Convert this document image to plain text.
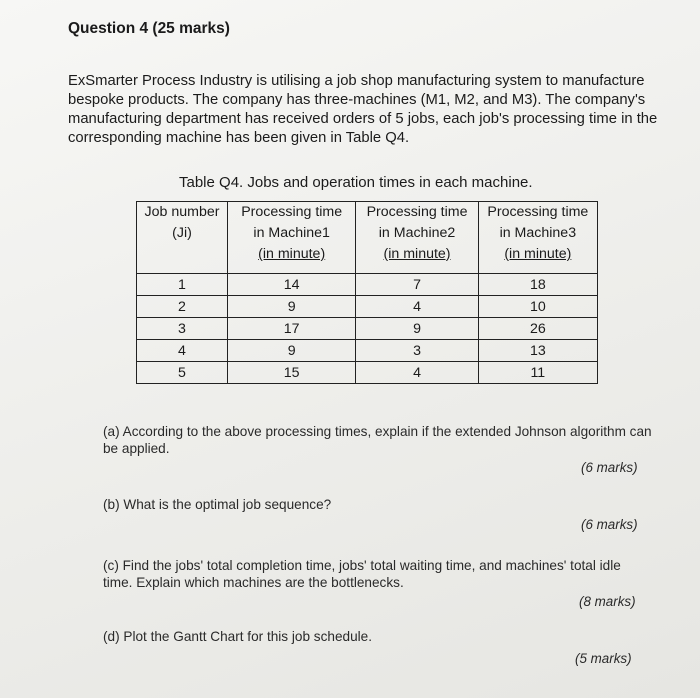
Question 4 (25 marks)

ExSmarter Process Industry is utilising a job shop manufacturing system to manufacture bespoke products. The company has three-machines (M1, M2, and M3). The company's manufacturing department has received orders of 5 jobs, each job's processing time in the corresponding machine has been given in Table Q4.

Table Q4. Jobs and operation times in each machine.
Job number
(Ji)	Processing time
in Machine1
(in minute)	Processing time
in Machine2
(in minute)	Processing time
in Machine3
(in minute)

1	14	7	18
2	9	4	10
3	17	9	26
4	9	3	13
5	15	4	11

(a) According to the above processing times, explain if the extended Johnson algorithm can be applied.

(6 marks)

(b) What is the optimal job sequence?

(6 marks)

(c) Find the jobs' total completion time, jobs' total waiting time, and machines' total idle time. Explain which machines are the bottlenecks.

(8 marks)

(d) Plot the Gantt Chart for this job schedule.

(5 marks)
